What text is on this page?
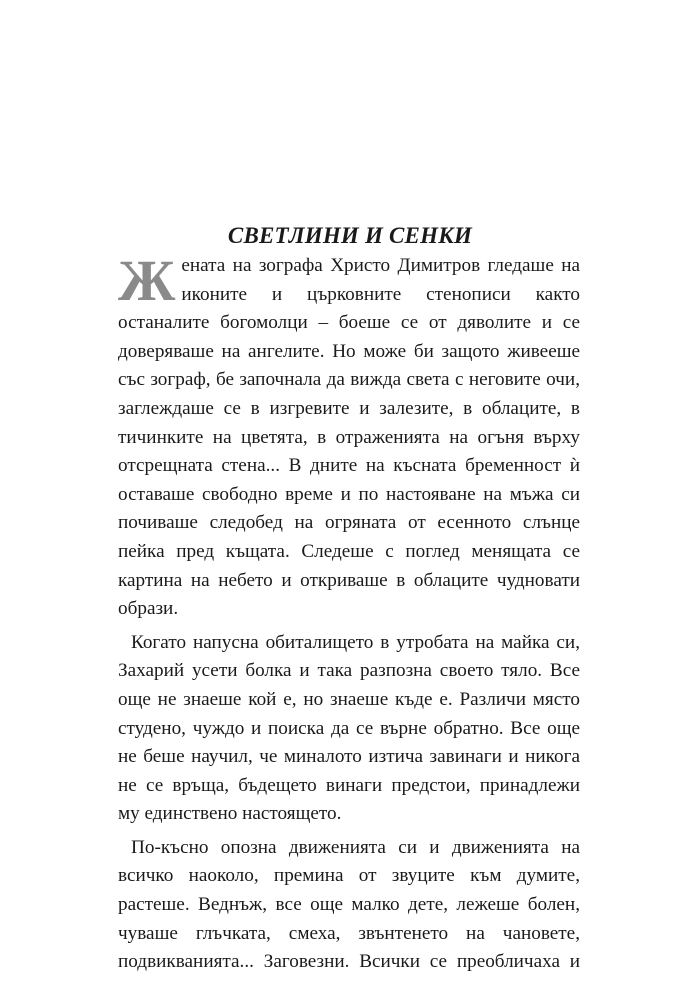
СВЕТЛИНИ И СЕНКИ

Жената на зографа Христо Димитров гледаше на иконите и църковните стенописи както останалите богомолци – боеше се от дяволите и се доверяваше на ангелите. Но може би защото живееше със зограф, бе започнала да вижда света с неговите очи, заглеждаше се в изгревите и залезите, в облаците, в тичинките на цветята, в отраженията на огъня върху отсрещната стена... В дните на късната бременност ѝ оставаше свободно време и по настояване на мъжа си почиваше следобед на огряната от есенното слънце пейка пред къщата. Следеше с поглед менящата се картина на небето и откриваше в облаците чудновати образи.

Когато напусна обиталището в утробата на майка си, Захарий усети болка и така разпозна своето тяло. Все още не знаеше кой е, но знаеше къде е. Различи място студено, чуждо и поиска да се върне обратно. Все още не беше научил, че миналото изтича завинаги и никога не се връща, бъдещето винаги предстои, принадлежи му единствено настоящето.

По-късно опозна движенията си и движенията на всичко наоколо, премина от звуците към думите, растеше. Веднъж, все още малко дете, лежеше болен, чуваше глъчката, смеха, звънтенето на чановете, подвикванията... Заговезни. Всички се преобличаха и
